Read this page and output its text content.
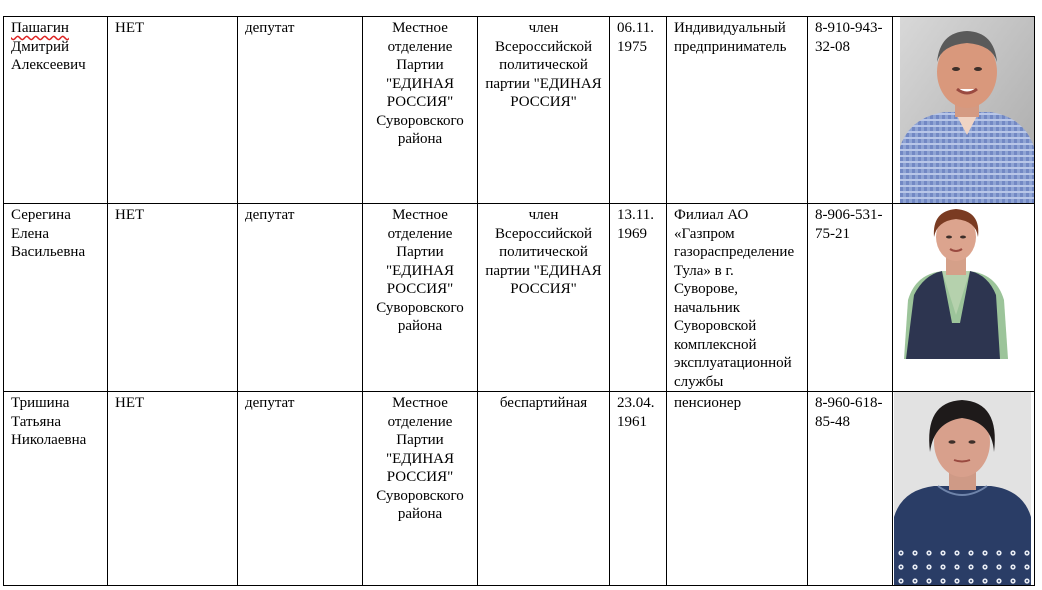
Пашагин
Дмитрий
Алексеевич	НЕТ	депутат	Местное отделение Партии "ЕДИНАЯ РОССИЯ" Суворовского района	член Всероссийской политической партии "ЕДИНАЯ РОССИЯ"	06.11. 1975	Индивидуальный предприниматель	8-910-943-32-08	

Серегина
Елена
Васильевна	НЕТ	депутат	Местное отделение Партии "ЕДИНАЯ РОССИЯ" Суворовского района	член Всероссийской политической партии "ЕДИНАЯ РОССИЯ"	13.11. 1969	Филиал АО «Газпром газораспределение Тула» в г. Суворове, начальник Суворовской комплексной эксплуатационной службы	8-906-531-75-21	

Тришина
Татьяна
Николаевна	НЕТ	депутат	Местное отделение Партии "ЕДИНАЯ РОССИЯ" Суворовского района	беспартийная	23.04. 1961	пенсионер	8-960-618-85-48	
